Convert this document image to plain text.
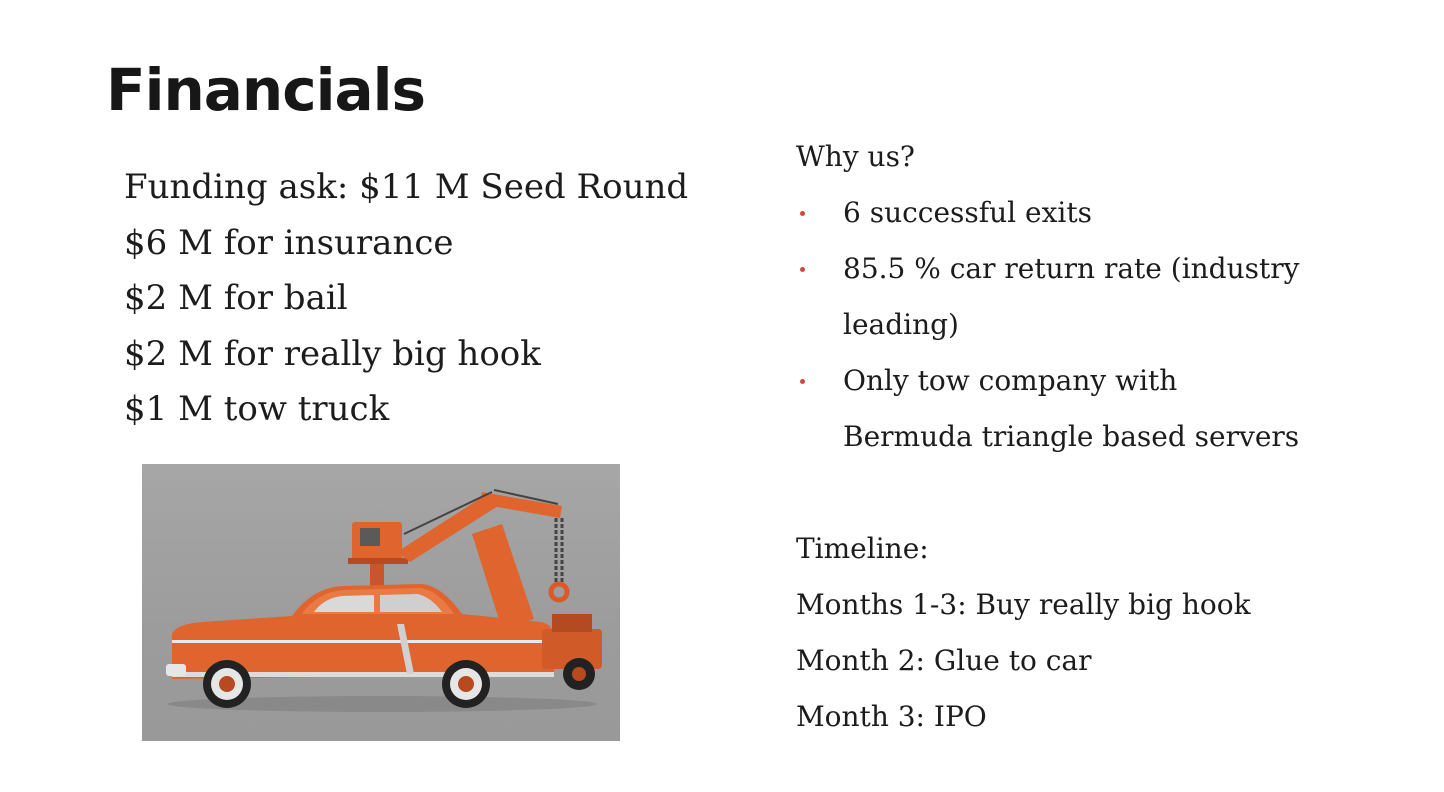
Financials
Funding ask: $11 M Seed Round
$6 M for insurance
$2 M for bail
$2 M for really big hook
$1 M tow truck
Why us?
6 successful exits
85.5 % car return rate (industry
leading)
Only tow company with
Bermuda triangle based servers
Timeline:
Months 1-3: Buy really big hook
Month 2: Glue to car
Month 3: IPO
